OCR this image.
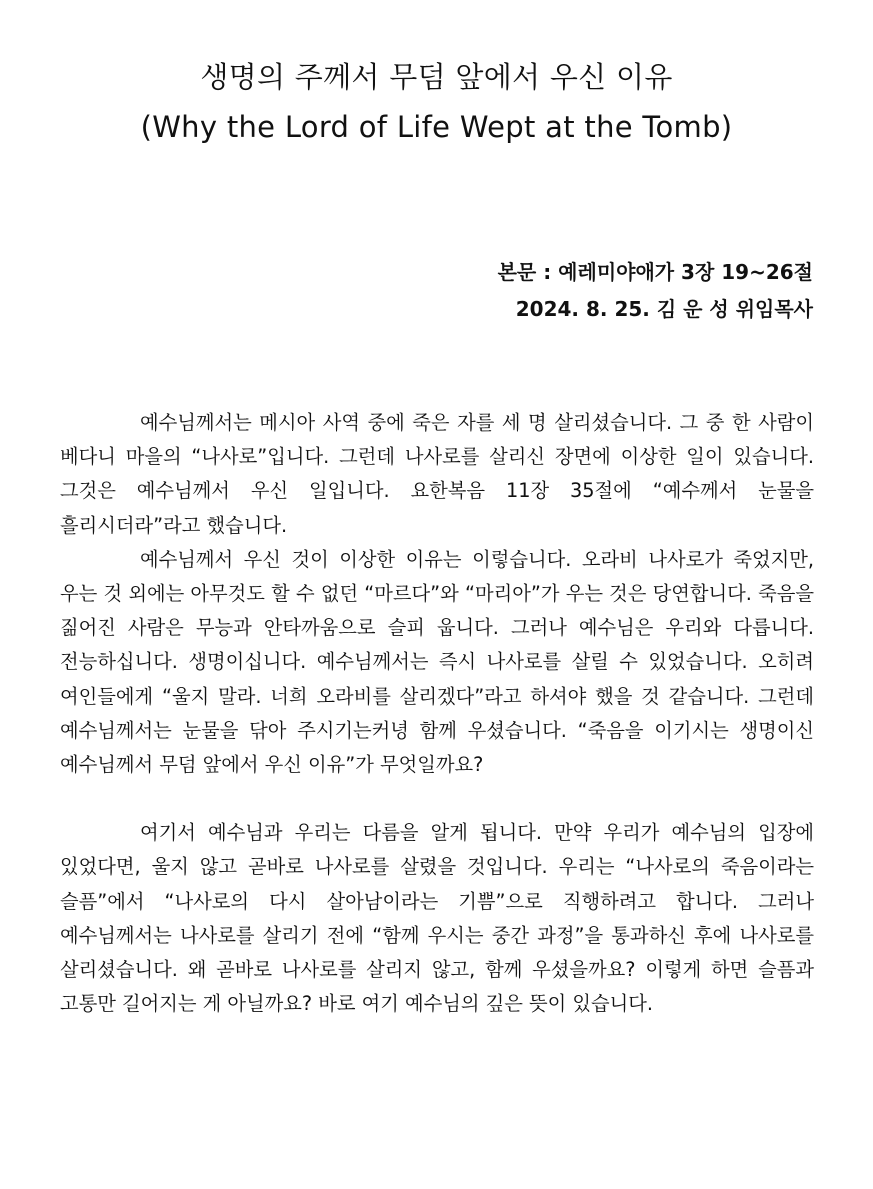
생명의 주께서 무덤 앞에서 우신 이유
(Why the Lord of Life Wept at the Tomb)

본문 : 예레미야애가 3장 19~26절

2024. 8. 25. 김 운 성 위임목사

예수님께서는 메시아 사역 중에 죽은 자를 세 명 살리셨습니다. 그 중 한 사람이 베다니 마을의 “나사로”입니다. 그런데 나사로를 살리신 장면에 이상한 일이 있습니다. 그것은 예수님께서 우신 일입니다. 요한복음 11장 35절에 “예수께서 눈물을 흘리시더라”라고 했습니다.

예수님께서 우신 것이 이상한 이유는 이렇습니다. 오라비 나사로가 죽었지만, 우는 것 외에는 아무것도 할 수 없던 “마르다”와 “마리아”가 우는 것은 당연합니다. 죽음을 짊어진 사람은 무능과 안타까움으로 슬피 웁니다. 그러나 예수님은 우리와 다릅니다. 전능하십니다. 생명이십니다. 예수님께서는 즉시 나사로를 살릴 수 있었습니다. 오히려 여인들에게 “울지 말라. 너희 오라비를 살리겠다”라고 하셔야 했을 것 같습니다. 그런데 예수님께서는 눈물을 닦아 주시기는커녕 함께 우셨습니다. “죽음을 이기시는 생명이신 예수님께서 무덤 앞에서 우신 이유”가 무엇일까요?

여기서 예수님과 우리는 다름을 알게 됩니다. 만약 우리가 예수님의 입장에 있었다면, 울지 않고 곧바로 나사로를 살렸을 것입니다. 우리는 “나사로의 죽음이라는 슬픔”에서 “나사로의 다시 살아남이라는 기쁨”으로 직행하려고 합니다. 그러나 예수님께서는 나사로를 살리기 전에 “함께 우시는 중간 과정”을 통과하신 후에 나사로를 살리셨습니다. 왜 곧바로 나사로를 살리지 않고, 함께 우셨을까요? 이렇게 하면 슬픔과 고통만 길어지는 게 아닐까요? 바로 여기 예수님의 깊은 뜻이 있습니다.
